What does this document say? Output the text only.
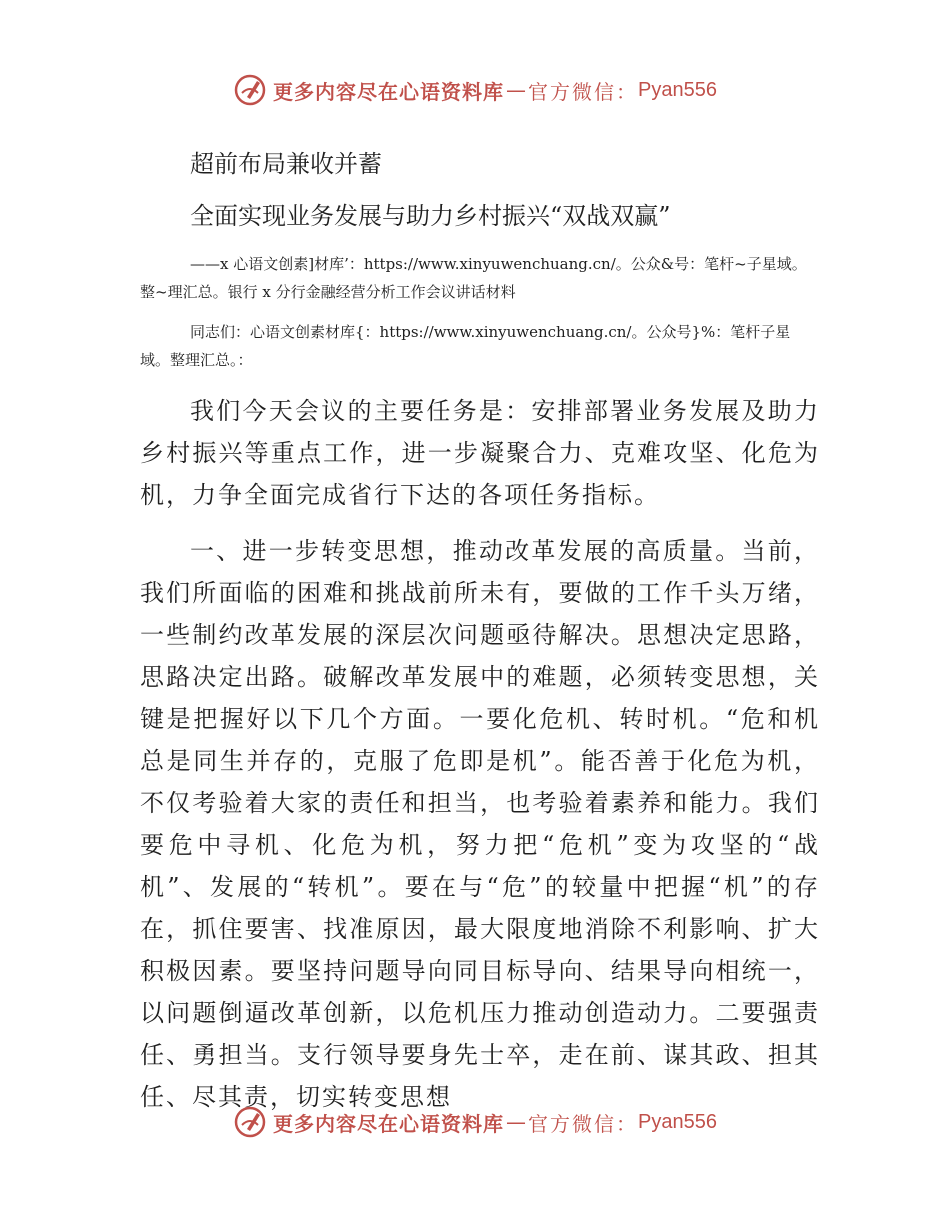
更多内容尽在心语资料库 — 官方微信： Pyan556
超前布局兼收并蓄
全面实现业务发展与助力乡村振兴“双战双赢”
——x 心语文创素]材库’：https://www.xinyuwenchuang.cn/。公众&号：笔杆~子星域。整~理汇总。银行 x 分行金融经营分析工作会议讲话材料
同志们：心语文创素材库{：https://www.xinyuwenchuang.cn/。公众号}%：笔杆子星域。整理汇总。：
我们今天会议的主要任务是：安排部署业务发展及助力乡村振兴等重点工作，进一步凝聚合力、克难攻坚、化危为机，力争全面完成省行下达的各项任务指标。
一、进一步转变思想，推动改革发展的高质量。当前，我们所面临的困难和挑战前所未有，要做的工作千头万绪，一些制约改革发展的深层次问题亟待解决。思想决定思路，思路决定出路。破解改革发展中的难题，必须转变思想，关键是把握好以下几个方面。一要化危机、转时机。“危和机总是同生并存的，克服了危即是机”。能否善于化危为机，不仅考验着大家的责任和担当，也考验着素养和能力。我们要危中寻机、化危为机，努力把“危机”变为攻坚的“战机”、发展的“转机”。要在与“危”的较量中把握“机”的存在，抓住要害、找准原因，最大限度地消除不利影响、扩大积极因素。要坚持问题导向同目标导向、结果导向相统一，以问题倒逼改革创新，以危机压力推动创造动力。二要强责任、勇担当。支行领导要身先士卒，走在前、谋其政、担其任、尽其责，切实转变思想
更多内容尽在心语资料库 — 官方微信： Pyan556
